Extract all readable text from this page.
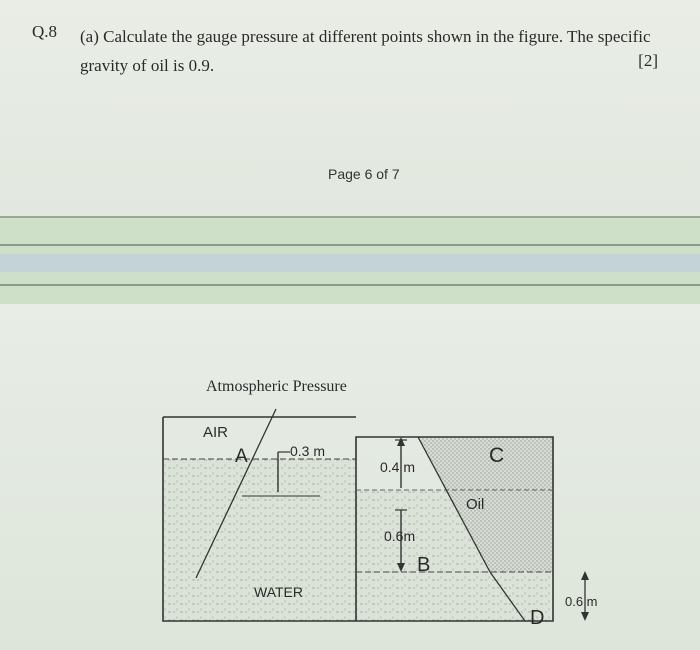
Q.8 (a) Calculate the gauge pressure at different points shown in the figure. The specific gravity of oil is 0.9.	[2]
Page 6 of 7
Atmospheric Pressure
AIR
A	0.3 m
0.4 m	C
Oil
0.6m
B
WATER
D
0.6 m
